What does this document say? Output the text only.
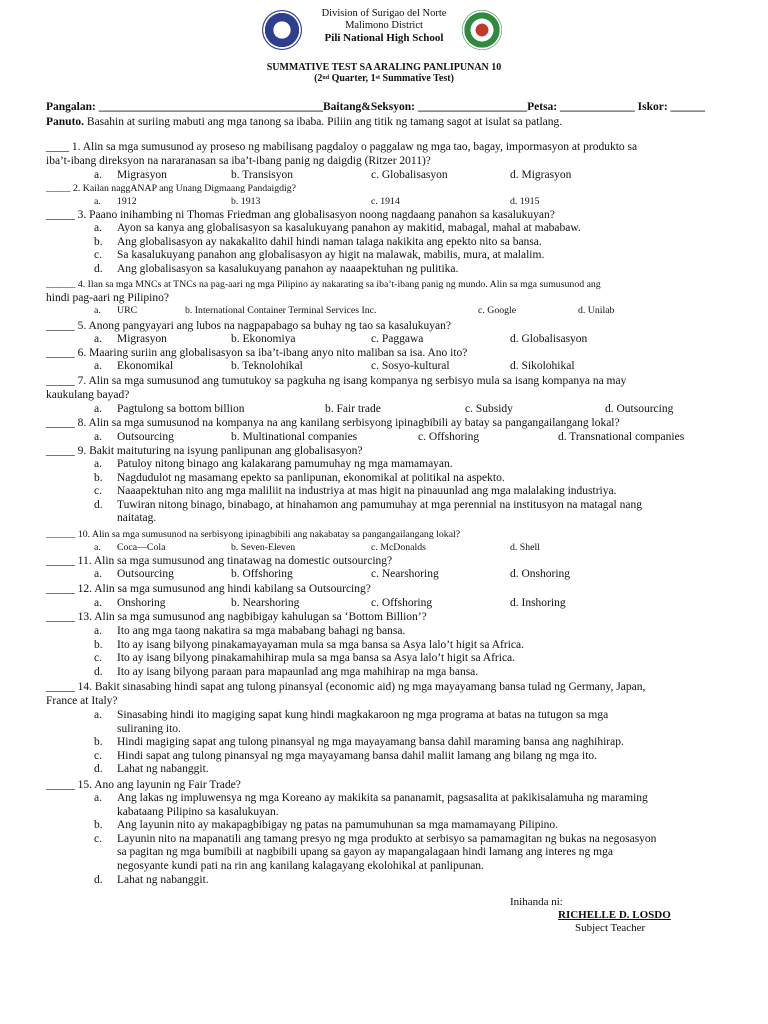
Division of Surigao del Norte
Malimono District
Pili National High School
SUMMATIVE TEST SA ARALING PANLIPUNAN 10
(2nd Quarter, 1st Summative Test)
Pangalan: _______________________________________Baitang&Seksyon: ___________________Petsa: _____________ Iskor: ______
Panuto. Basahin at suriing mabuti ang mga tanong sa ibaba. Piliin ang titik ng tamang sagot at isulat sa patlang.
____ 1. Alin sa mga sumusunod ay proseso ng mabilisang pagdaloy o paggalaw ng mga tao, bagay, impormasyon at produkto sa
iba’t-ibang direksyon na nararanasan sa iba’t-ibang panig ng daigdig (Ritzer 2011)?
a. Migrasyon	b. Transisyon	c. Globalisasyon	d. Migrasyon
_____ 2. Kailan naggANAP ang Unang Digmaang Pandaigdig?
a. 1912	b. 1913	c. 1914	d. 1915
_____ 3. Paano inihambing ni Thomas Friedman ang globalisasyon noong nagdaang panahon sa kasalukuyan?
a. Ayon sa kanya ang globalisasyon sa kasalukuyang panahon ay makitid, mabagal, mahal at mababaw.
b. Ang globalisasyon ay nakakalito dahil hindi naman talaga nakikita ang epekto nito sa bansa.
c. Sa kasalukuyang panahon ang globalisasyon ay higit na malawak, mabilis, mura, at malalim.
d. Ang globalisasyon sa kasalukuyang panahon ay naaapektuhan ng pulitika.
______ 4. Ilan sa mga MNCs at TNCs na pag-aari ng mga Pilipino ay nakarating sa iba’t-ibang panig ng mundo. Alin sa mga sumusunod ang
hindi pag-aari ng Pilipino?
a. URC	b. International Container Terminal Services Inc.	c. Google	d. Unilab
_____ 5. Anong pangyayari ang lubos na nagpapabago sa buhay ng tao sa kasalukuyan?
a. Migrasyon	b. Ekonomiya	c. Paggawa	d. Globalisasyon
_____ 6. Maaring suriin ang globalisasyon sa iba’t-ibang anyo nito maliban sa isa. Ano ito?
a. Ekonomikal	b. Teknolohikal	c. Sosyo-kultural	d. Sikolohikal
_____ 7. Alin sa mga sumusunod ang tumutukoy sa pagkuha ng isang kompanya ng serbisyo mula sa isang kompanya na may
kaukulang bayad?
a. Pagtulong sa bottom billion	b. Fair trade	c. Subsidy	d. Outsourcing
_____ 8. Alin sa mga sumusunod na kompanya na ang kanilang serbisyong ipinagbibili ay batay sa pangangailangang lokal?
a. Outsourcing	b. Multinational companies	c. Offshoring	d. Transnational companies
_____ 9. Bakit maituturing na isyung panlipunan ang globalisasyon?
a. Patuloy nitong binago ang kalakarang pamumuhay ng mga mamamayan.
b. Nagdudulot ng masamang epekto sa panlipunan, ekonomikal at politikal na aspekto.
c. Naaapektuhan nito ang mga maliliit na industriya at mas higit na pinauunlad ang mga malalaking industriya.
d. Tuwiran nitong binago, binabago, at hinahamon ang pamumuhay at mga perennial na institusyon na matagal nang
naitatag.
______ 10. Alin sa mga sumusunod na serbisyong ipinagbibili ang nakabatay sa pangangailangang lokal?
a. Coca—Cola	b. Seven-Eleven	c. McDonalds	d. Shell
_____ 11. Alin sa mga sumusunod ang tinatawag na domestic outsourcing?
a. Outsourcing	b. Offshoring	c. Nearshoring	d. Onshoring
_____ 12. Alin sa mga sumusunod ang hindi kabilang sa Outsourcing?
a. Onshoring	b. Nearshoring	c. Offshoring	d. Inshoring
_____ 13. Alin sa mga sumusunod ang nagbibigay kahulugan sa ‘Bottom Billion’?
a. Ito ang mga taong nakatira sa mga mababang bahagi ng bansa.
b. Ito ay isang bilyong pinakamayayaman mula sa mga bansa sa Asya lalo’t higit sa Africa.
c. Ito ay isang bilyong pinakamahihirap mula sa mga bansa sa Asya lalo’t higit sa Africa.
d. Ito ay isang bilyong paraan para mapaunlad ang mga mahihirap na mga bansa.
_____ 14. Bakit sinasabing hindi sapat ang tulong pinansyal (economic aid) ng mga mayayamang bansa tulad ng Germany, Japan,
France at Italy?
a. Sinasabing hindi ito magiging sapat kung hindi magkakaroon ng mga programa at batas na tutugon sa mga
suliraning ito.
b. Hindi magiging sapat ang tulong pinansyal ng mga mayayamang bansa dahil maraming bansa ang naghihirap.
c. Hindi sapat ang tulong pinansyal ng mga mayayamang bansa dahil maliit lamang ang bilang ng mga ito.
d. Lahat ng nabanggit.
_____ 15. Ano ang layunin ng Fair Trade?
a. Ang lakas ng impluwensya ng mga Koreano ay makikita sa pananamit, pagsasalita at pakikisalamuha ng maraming
kabataang Pilipino sa kasalukuyan.
b. Ang layunin nito ay makapagbibigay ng patas na pamumuhunan sa mga mamamayang Pilipino.
c. Layunin nito na mapanatili ang tamang presyo ng mga produkto at serbisyo sa pamamagitan ng bukas na negosasyon
sa pagitan ng mga bumibili at nagbibili upang sa gayon ay mapangalagaan hindi lamang ang interes ng mga
negosyante kundi pati na rin ang kanilang kalagayang ekolohikal at panlipunan.
d. Lahat ng nabanggit.
Inihanda ni:
RICHELLE D. LOSDO
Subject Teacher
